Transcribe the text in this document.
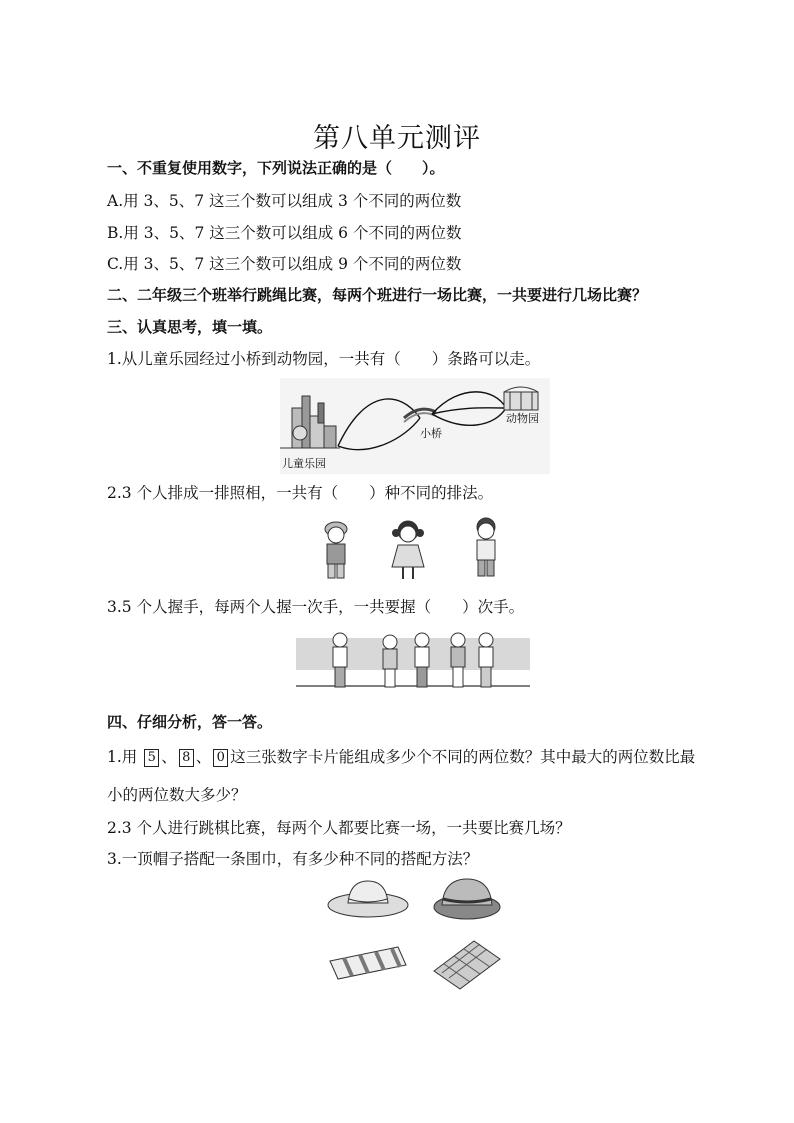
第八单元测评
一、不重复使用数字，下列说法正确的是（　　）。
A.用 3、5、7 这三个数可以组成 3 个不同的两位数
B.用 3、5、7 这三个数可以组成 6 个不同的两位数
C.用 3、5、7 这三个数可以组成 9 个不同的两位数
二、二年级三个班举行跳绳比赛，每两个班进行一场比赛，一共要进行几场比赛？
三、认真思考，填一填。
1.从儿童乐园经过小桥到动物园，一共有（　　）条路可以走。
儿童乐园
小桥
动物园
2.3 个人排成一排照相，一共有（　　）种不同的排法。
3.5 个人握手，每两个人握一次手，一共要握（　　）次手。
四、仔细分析，答一答。
1.用 5 、 8 、 0 这三张数字卡片能组成多少个不同的两位数？其中最大的两位数比最
小的两位数大多少？
2.3 个人进行跳棋比赛，每两个人都要比赛一场，一共要比赛几场？
3.一顶帽子搭配一条围巾，有多少种不同的搭配方法？
